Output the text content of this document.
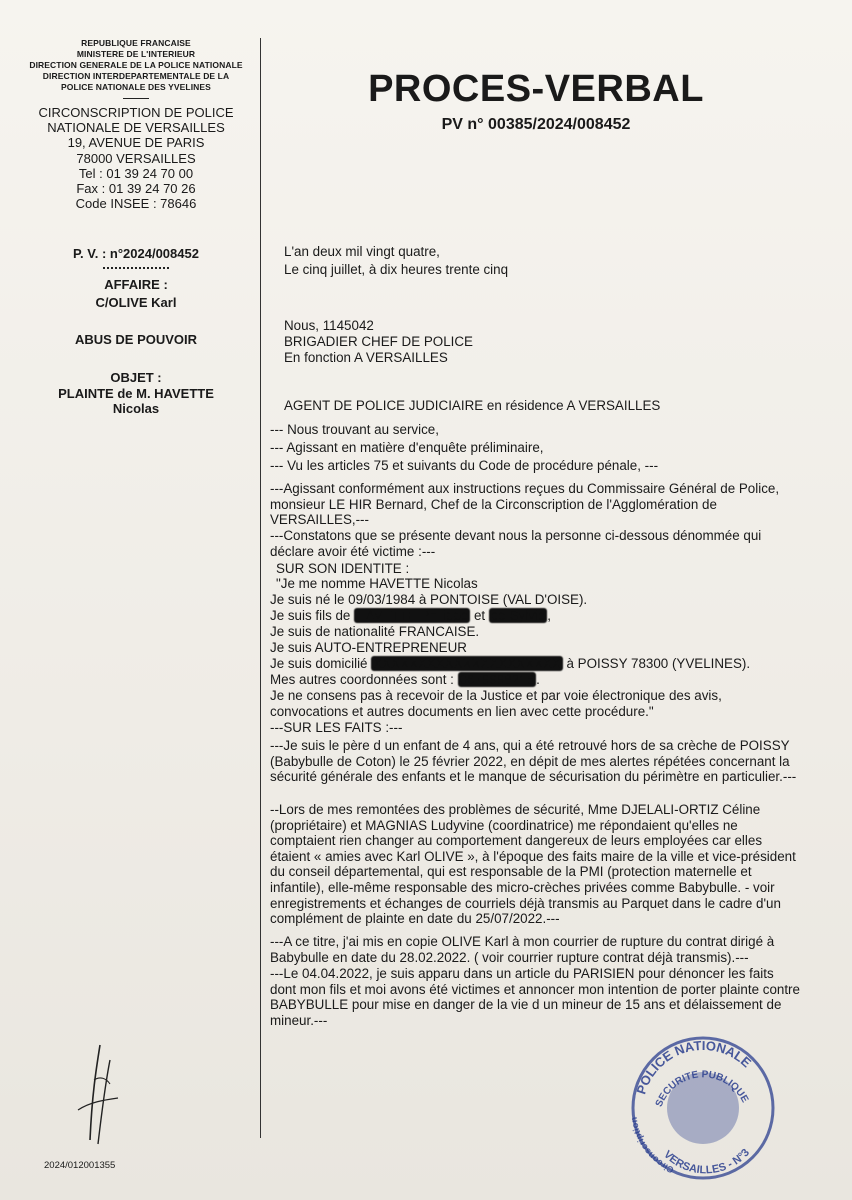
REPUBLIQUE FRANCAISE
MINISTERE DE L'INTERIEUR
DIRECTION GENERALE DE LA POLICE NATIONALE
DIRECTION INTERDEPARTEMENTALE DE LA
POLICE NATIONALE DES YVELINES
CIRCONSCRIPTION DE POLICE
NATIONALE DE VERSAILLES
19, AVENUE DE PARIS
78000 VERSAILLES
Tel : 01 39 24 70 00
Fax : 01 39 24 70 26
Code INSEE : 78646
P. V. : n°2024/008452
AFFAIRE :
C/OLIVE Karl
ABUS DE POUVOIR
OBJET :
PLAINTE de M. HAVETTE
Nicolas
PROCES-VERBAL
PV n° 00385/2024/008452
L'an deux mil vingt quatre,
Le cinq juillet, à dix heures trente cinq
Nous, 1145042
BRIGADIER CHEF DE POLICE
En fonction A VERSAILLES
AGENT DE POLICE JUDICIAIRE en résidence A VERSAILLES
--- Nous trouvant au service,
--- Agissant en matière d'enquête préliminaire,
--- Vu les articles 75 et suivants du Code de procédure pénale, ---
---Agissant conformément aux instructions reçues du Commissaire Général de Police, monsieur LE HIR Bernard, Chef de la Circonscription de l'Agglomération de VERSAILLES,---
---Constatons que se présente devant nous la personne ci-dessous dénommée qui déclare avoir été victime :---
SUR SON IDENTITE :
"Je me nomme HAVETTE Nicolas
Je suis né le 09/03/1984 à PONTOISE (VAL D'OISE).
Je suis fils de HAVETTE Philippe et de Sylvie ,
Je suis de nationalité FRANCAISE.
Je suis AUTO-ENTREPRENEUR
Je suis domicilié XXXXXXXXXXXXXXXXXXXXX à POISSY 78300 (YVELINES).
Mes autres coordonnées sont : 0679998216 .
Je ne consens pas à recevoir de la Justice et par voie électronique des avis, convocations et autres documents en lien avec cette procédure."
---SUR LES FAITS :---
---Je suis le père d un enfant de 4 ans, qui a été retrouvé hors de sa crèche de POISSY (Babybulle de Coton) le 25 février 2022, en dépit de mes alertes répétées concernant la sécurité générale des enfants et le manque de sécurisation du périmètre en particulier.---
--Lors de mes remontées des problèmes de sécurité, Mme DJELALI-ORTIZ Céline (propriétaire) et MAGNIAS Ludyvine (coordinatrice) me répondaient qu'elles ne comptaient rien changer au comportement dangereux de leurs employées car elles étaient « amies avec Karl OLIVE », à l'époque des faits maire de la ville et vice-président du conseil départemental, qui est responsable de la PMI (protection maternelle et infantile), elle-même responsable des micro-crèches privées comme Babybulle. - voir enregistrements et échanges de courriels déjà transmis au Parquet dans le cadre d'un complément de plainte en date du 25/07/2022.---
---A ce titre, j'ai mis en copie OLIVE Karl à mon courrier de rupture du contrat dirigé à Babybulle en date du 28.02.2022. ( voir courrier rupture contrat déjà transmis).---
---Le 04.04.2022, je suis apparu dans un article du PARISIEN pour dénoncer les faits dont mon fils et moi avons été victimes et annoncer mon intention de porter plainte contre BABYBULLE pour mise en danger de la vie d un mineur de 15 ans et délaissement de mineur.---
2024/012001355
POLICE NATIONALE
SECURITE PUBLIQUE
Circonscription
VERSAILLES - N°3
